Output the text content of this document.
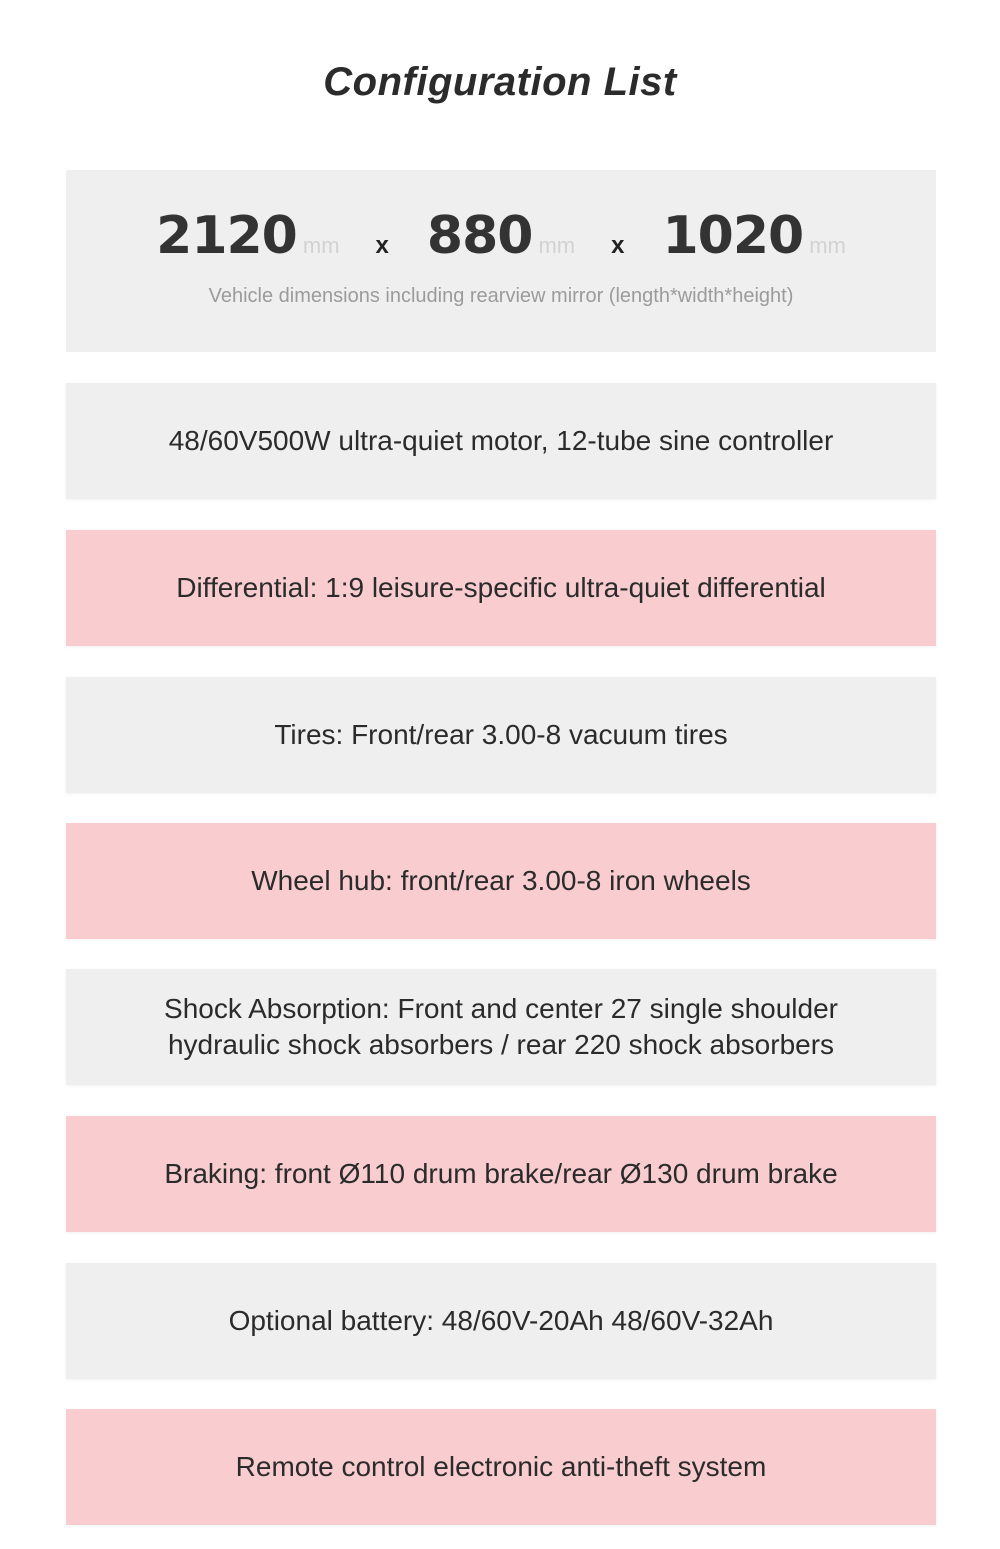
Configuration List
2120 mm x 880 mm x 1020 mm
Vehicle dimensions including rearview mirror (length*width*height)
48/60V500W ultra-quiet motor, 12-tube sine controller
Differential: 1:9 leisure-specific ultra-quiet differential
Tires: Front/rear 3.00-8 vacuum tires
Wheel hub: front/rear 3.00-8 iron wheels
Shock Absorption: Front and center 27 single shoulder
hydraulic shock absorbers / rear 220 shock absorbers
Braking: front Ø110 drum brake/rear Ø130 drum brake
Optional battery: 48/60V-20Ah 48/60V-32Ah
Remote control electronic anti-theft system
